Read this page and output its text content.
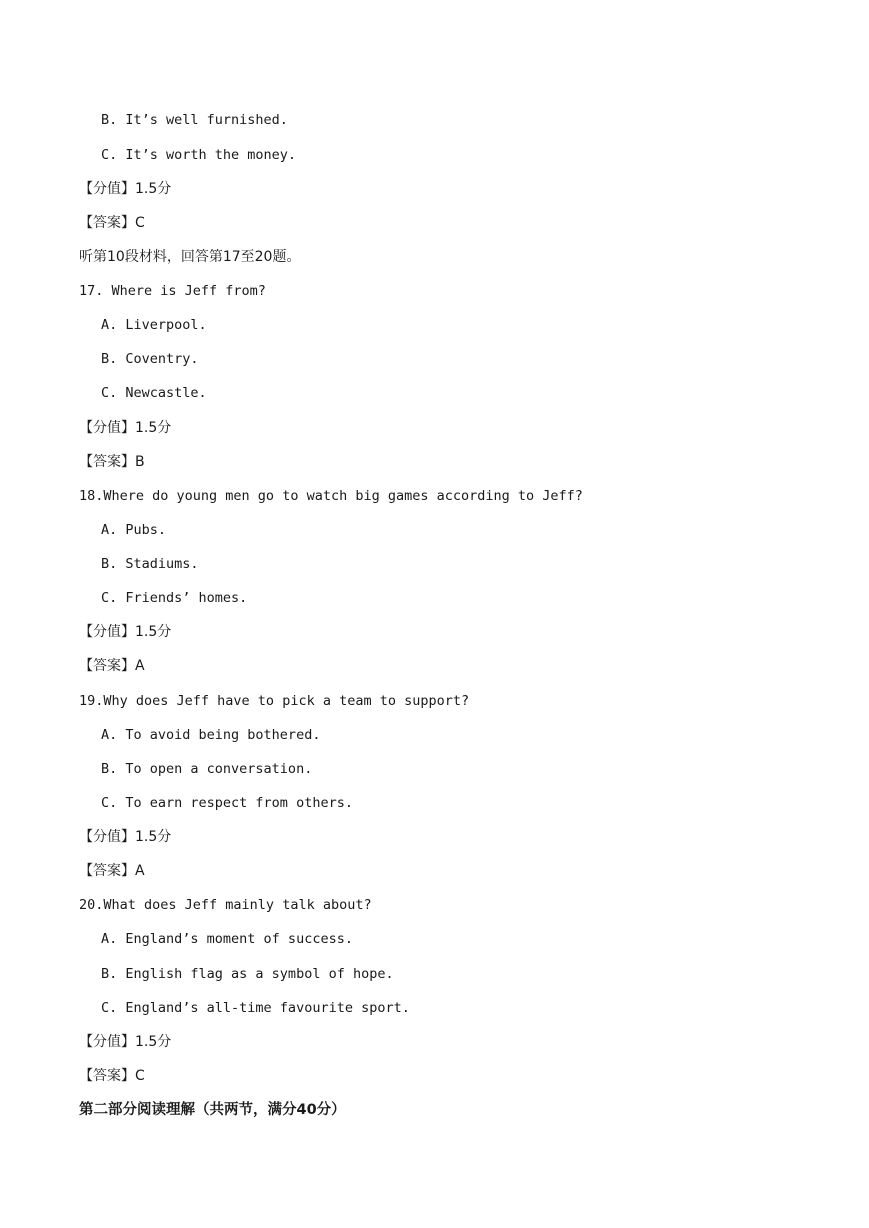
B. It’s well furnished.
C. It’s worth the money.
【分值】1.5分
【答案】C
听第10段材料，回答第17至20题。
17. Where is Jeff from?
A. Liverpool.
B. Coventry.
C. Newcastle.
【分值】1.5分
【答案】B
18.Where do young men go to watch big games according to Jeff?
A. Pubs.
B. Stadiums.
C. Friends’ homes.
【分值】1.5分
【答案】A
19.Why does Jeff have to pick a team to support?
A. To avoid being bothered.
B. To open a conversation.
C. To earn respect from others.
【分值】1.5分
【答案】A
20.What does Jeff mainly talk about?
A. England’s moment of success.
B. English flag as a symbol of hope.
C. England’s all-time favourite sport.
【分值】1.5分
【答案】C
第二部分阅读理解（共两节，满分40分）
